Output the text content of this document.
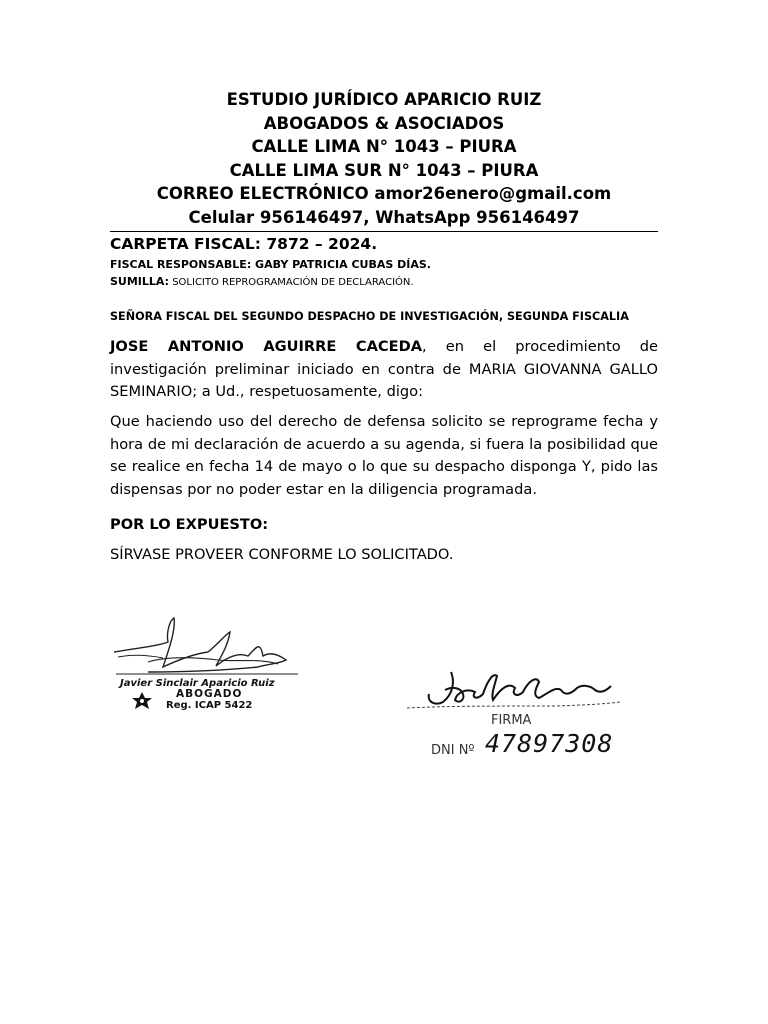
ESTUDIO JURÍDICO APARICIO RUIZ
ABOGADOS & ASOCIADOS
CALLE LIMA N° 1043 – PIURA
CALLE LIMA SUR N° 1043 – PIURA
CORREO ELECTRÓNICO amor26enero@gmail.com
Celular 956146497, WhatsApp 956146497
CARPETA FISCAL: 7872 – 2024.
FISCAL RESPONSABLE: GABY PATRICIA CUBAS DÍAS.
SUMILLA: SOLICITO REPROGRAMACIÓN DE DECLARACIÓN.
SEÑORA FISCAL DEL SEGUNDO DESPACHO DE INVESTIGACIÓN, SEGUNDA FISCALIA

JOSE ANTONIO AGUIRRE CACEDA, en el procedimiento de investigación preliminar iniciado en contra de MARIA GIOVANNA GALLO SEMINARIO; a Ud., respetuosamente, digo:

Que haciendo uso del derecho de defensa solicito se reprograme fecha y hora de mi declaración de acuerdo a su agenda, si fuera la posibilidad que se realice en fecha 14 de mayo o lo que su despacho disponga Y, pido las dispensas por no poder estar en la diligencia programada.

POR LO EXPUESTO:
SÍRVASE PROVEER CONFORME LO SOLICITADO.
Javier Sinclair Aparicio Ruiz
ABOGADO
Reg. ICAP 5422
FIRMA
DNI Nº 47897308
